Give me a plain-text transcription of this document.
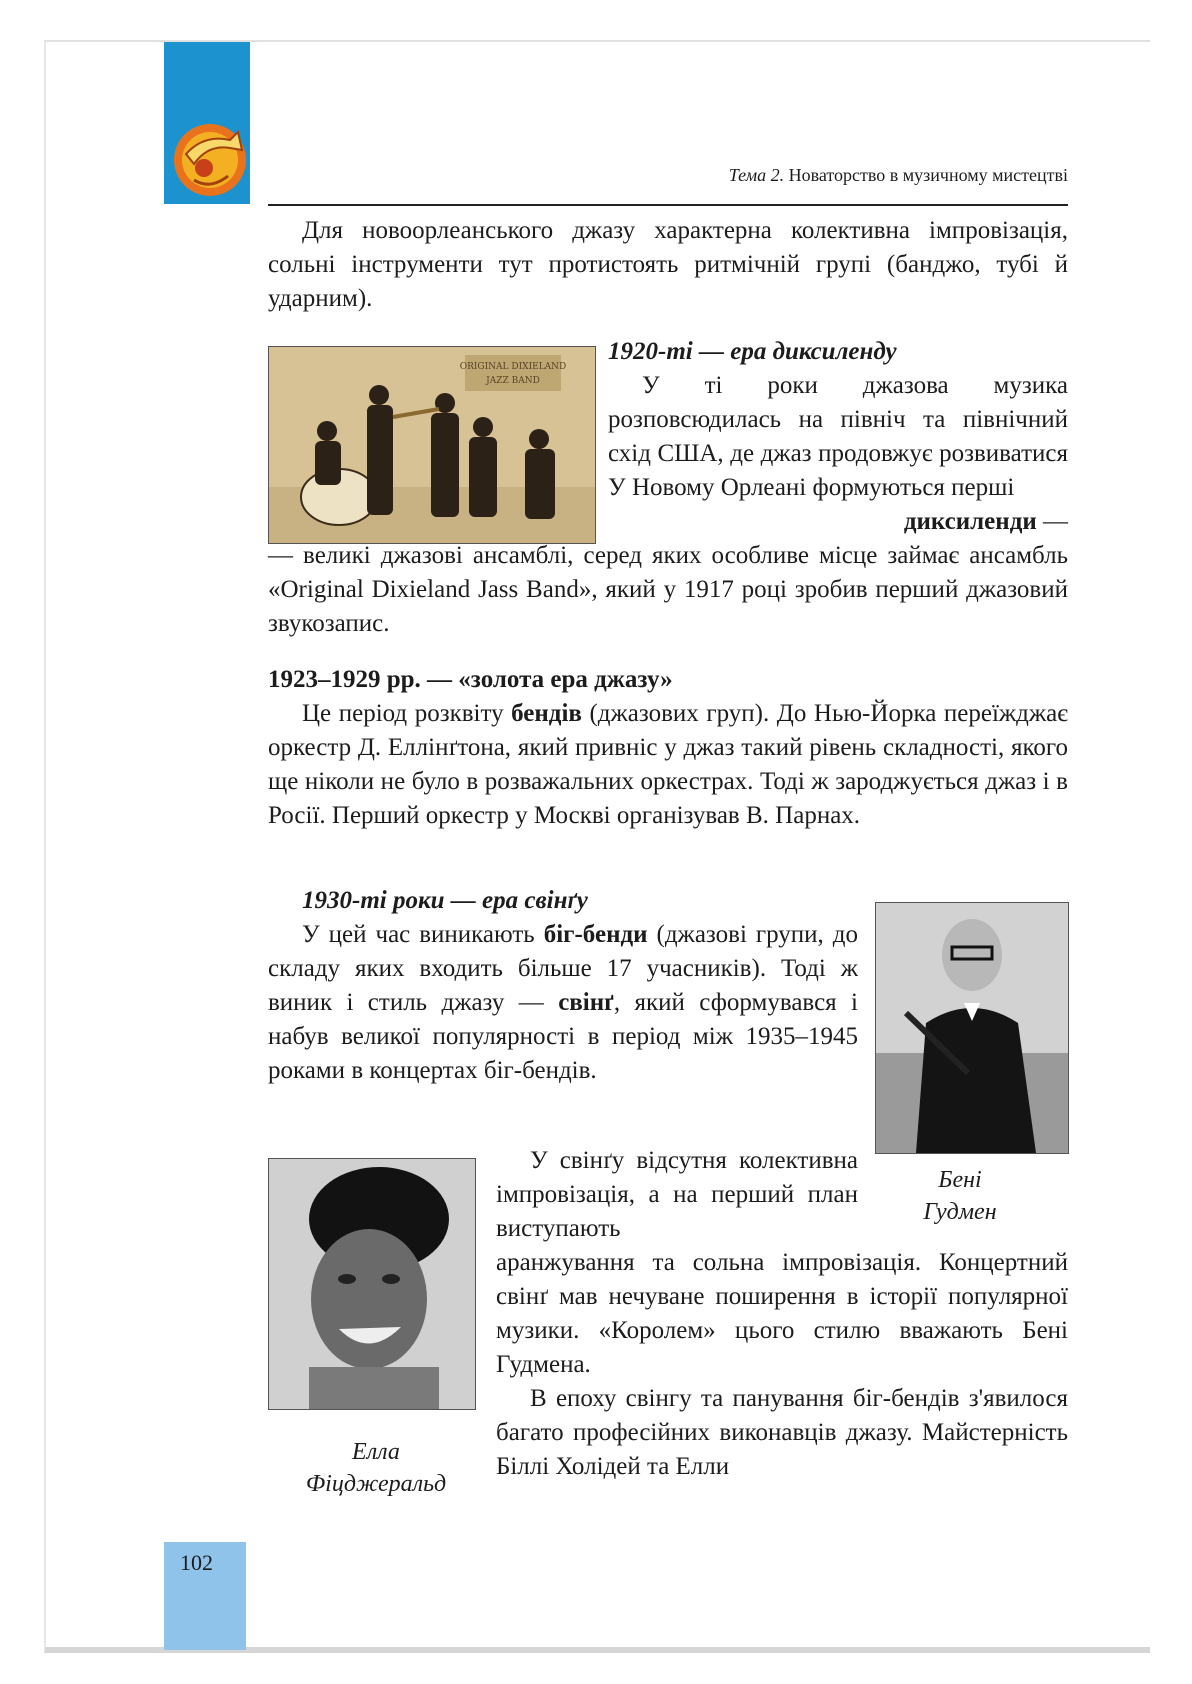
Тема 2. Новаторство в музичному мистецтві

Для новоорлеанського джазу характерна колективна імпровізація, сольні інструменти тут протистоять ритмічній групі (банджо, тубі й ударним).

ORIGINAL DIXIELAND
JAZZ BAND

1920-ті — ера диксиленду

У ті роки джазова музика розповсюдилась на північ та північний схід США, де джаз продовжує розвиватися У Новому Орлеані формуються перші

диксиленди —

— великі джазові ансамблі, серед яких особливе місце займає ансамбль «Original Dixieland Jass Band», який у 1917 році зробив перший джазовий звукозапис.

1923–1929 рр. — «золота ера джазу»

Це період розквіту бендів (джазових груп). До Нью-Йорка переїжджає оркестр Д. Еллінґтона, який привніс у джаз такий рівень складності, якого ще ніколи не було в розважальних оркестрах. Тоді ж зароджується джаз і в Росії. Перший оркестр у Москві організував В. Парнах.

1930-ті роки — ера свінґу

У цей час виникають біг-бенди (джазові групи, до складу яких входить більше 17 учасників). Тоді ж виник і стиль джазу — свінґ, який сформувався і набув великої популярності в період між 1935–1945 роками в концертах біг-бендів.

Бені
Гудмен
Елла
Фіцджеральд

У свінґу відсутня колективна імпровізація, а на перший план виступають

аранжування та сольна імпровізація. Концертний свінґ мав нечуване поширення в історії популярної музики. «Королем» цього стилю вважають Бені Гудмена.

В епоху свінгу та панування біг-бендів з'явилося багато професійних виконавців джазу. Майстерність Біллі Холідей та Елли

102
